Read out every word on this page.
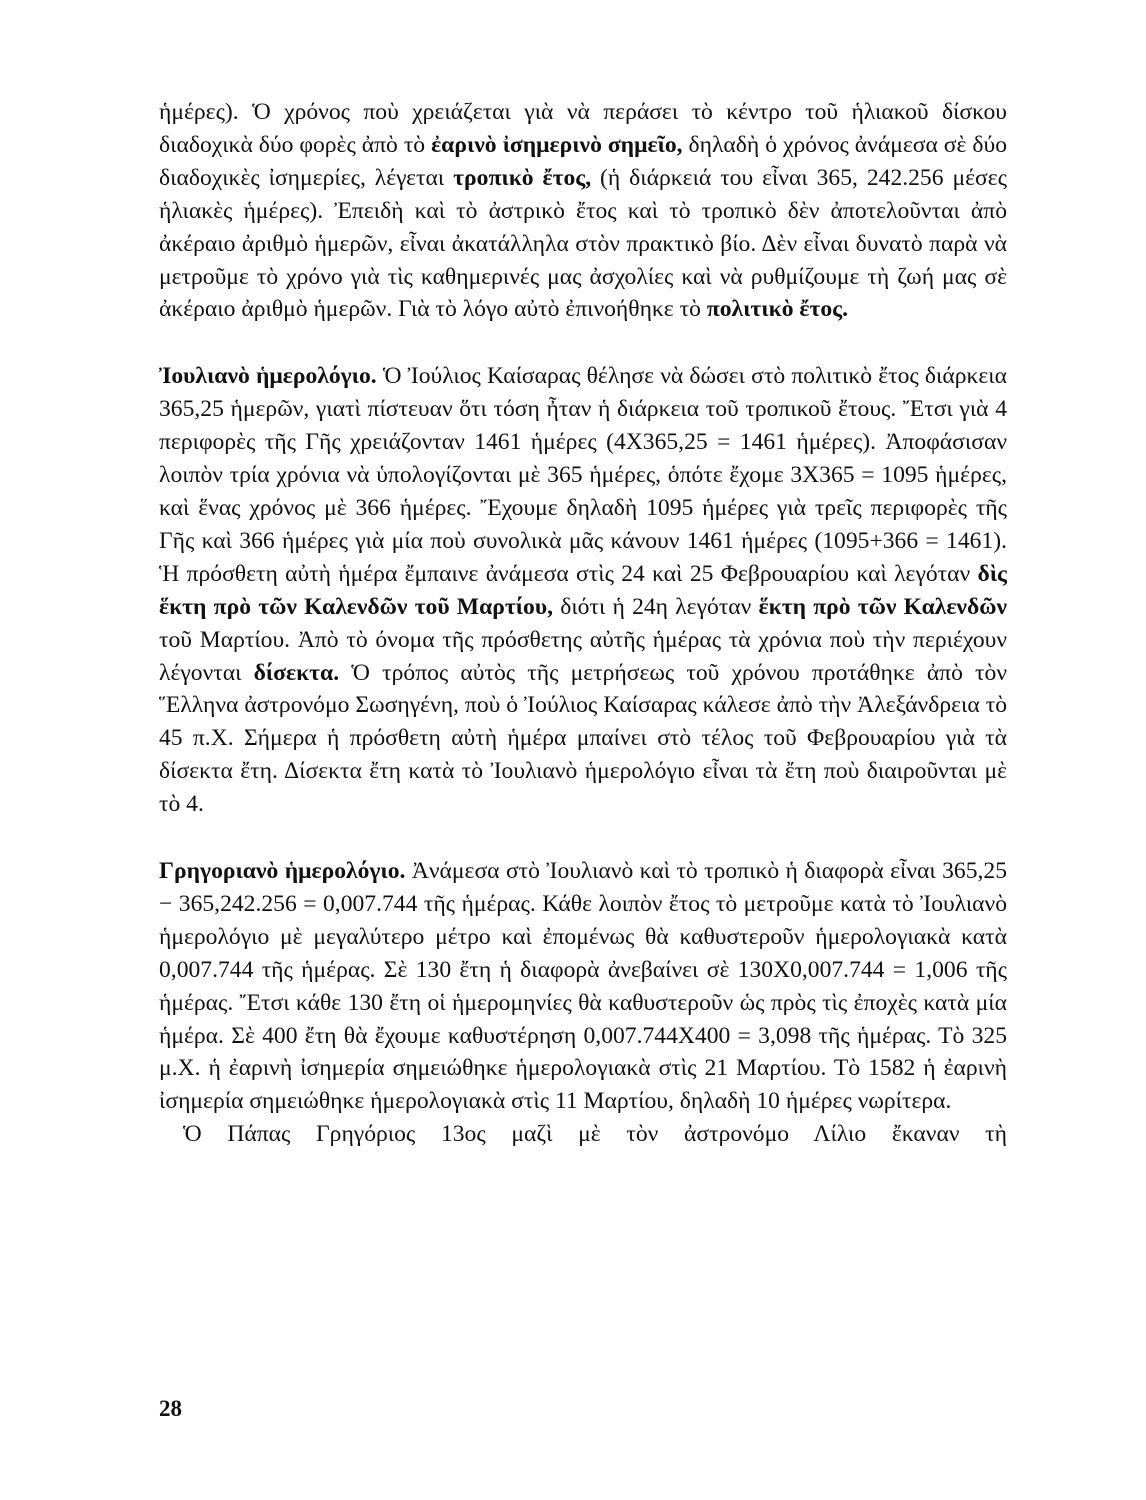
ἡμέρες). Ὁ χρόνος ποὺ χρειάζεται γιὰ νὰ περάσει τὸ κέντρο τοῦ ἡλιακοῦ δίσκου διαδοχικὰ δύο φορὲς ἀπὸ τὸ ἐαρινὸ ἰσημερινὸ σημεῖο, δηλαδὴ ὁ χρόνος ἀνάμεσα σὲ δύο διαδοχικὲς ἰσημερίες, λέγεται τροπικὸ ἔτος, (ἡ διάρκειά του εἶναι 365, 242.256 μέσες ἡλιακὲς ἡμέρες). Ἐπειδὴ καὶ τὸ ἀστρικὸ ἔτος καὶ τὸ τροπικὸ δὲν ἀποτελοῦνται ἀπὸ ἀκέραιο ἀριθμὸ ἡμερῶν, εἶναι ἀκατάλληλα στὸν πρακτικὸ βίο. Δὲν εἶναι δυνατὸ παρὰ νὰ μετροῦμε τὸ χρόνο γιὰ τὶς καθημερινές μας ἀσχολίες καὶ νὰ ρυθμίζουμε τὴ ζωή μας σὲ ἀκέραιο ἀριθμὸ ἡμερῶν. Γιὰ τὸ λόγο αὐτὸ ἐπινοήθηκε τὸ πολιτικὸ ἔτος.

Ἰουλιανὸ ἡμερολόγιο. Ὁ Ἰούλιος Καίσαρας θέλησε νὰ δώσει στὸ πολιτικὸ ἔτος διάρκεια 365,25 ἡμερῶν, γιατὶ πίστευαν ὅτι τόση ἦταν ἡ διάρκεια τοῦ τροπικοῦ ἔτους. Ἔτσι γιὰ 4 περιφορὲς τῆς Γῆς χρειάζονταν 1461 ἡμέρες (4Χ365,25 = 1461 ἡμέρες). Ἀποφάσισαν λοιπὸν τρία χρόνια νὰ ὑπολογίζονται μὲ 365 ἡμέρες, ὁπότε ἔχομε 3Χ365 = 1095 ἡμέρες, καὶ ἕνας χρόνος μὲ 366 ἡμέρες. Ἔχουμε δηλαδὴ 1095 ἡμέρες γιὰ τρεῖς περιφορὲς τῆς Γῆς καὶ 366 ἡμέρες γιὰ μία ποὺ συνολικὰ μᾶς κάνουν 1461 ἡμέρες (1095+366 = 1461). Ἡ πρόσθετη αὐτὴ ἡμέρα ἔμπαινε ἀνάμεσα στὶς 24 καὶ 25 Φεβρουαρίου καὶ λεγόταν δὶς ἕκτη πρὸ τῶν Καλενδῶν τοῦ Μαρτίου, διότι ἡ 24η λεγόταν ἕκτη πρὸ τῶν Καλενδῶν τοῦ Μαρτίου. Ἀπὸ τὸ όνομα τῆς πρόσθετης αὐτῆς ἡμέρας τὰ χρόνια ποὺ τὴν περιέχουν λέγονται δίσεκτα. Ὁ τρόπος αὐτὸς τῆς μετρήσεως τοῦ χρόνου προτάθηκε ἀπὸ τὸν Ἕλληνα ἀστρονόμο Σωσηγένη, ποὺ ὁ Ἰούλιος Καίσαρας κάλεσε ἀπὸ τὴν Ἀλεξάνδρεια τὸ 45 π.Χ. Σήμερα ἡ πρόσθετη αὐτὴ ἡμέρα μπαίνει στὸ τέλος τοῦ Φεβρουαρίου γιὰ τὰ δίσεκτα ἔτη. Δίσεκτα ἔτη κατὰ τὸ Ἰουλιανὸ ἡμερολόγιο εἶναι τὰ ἔτη ποὺ διαιροῦνται μὲ τὸ 4.

Γρηγοριανὸ ἡμερολόγιο. Ἀνάμεσα στὸ Ἰουλιανὸ καὶ τὸ τροπικὸ ἡ διαφορὰ εἶναι 365,25 − 365,242.256 = 0,007.744 τῆς ἡμέρας. Κάθε λοιπὸν ἔτος τὸ μετροῦμε κατὰ τὸ Ἰουλιανὸ ἡμερολόγιο μὲ μεγαλύτερο μέτρο καὶ ἐπομένως θὰ καθυστεροῦν ἡμερολογιακὰ κατὰ 0,007.744 τῆς ἡμέρας. Σὲ 130 ἔτη ἡ διαφορὰ ἀνεβαίνει σὲ 130Χ0,007.744 = 1,006 τῆς ἡμέρας. Ἔτσι κάθε 130 ἔτη οἱ ἡμερομηνίες θὰ καθυστεροῦν ὡς πρὸς τὶς ἐποχὲς κατὰ μία ἡμέρα. Σὲ 400 ἔτη θὰ ἔχουμε καθυστέρηση 0,007.744Χ400 = 3,098 τῆς ἡμέρας. Τὸ 325 μ.Χ. ἡ ἐαρινὴ ἰσημερία σημειώθηκε ἡμερολογιακὰ στὶς 21 Μαρτίου. Τὸ 1582 ἡ ἐαρινὴ ἰσημερία σημειώθηκε ἡμερολογιακὰ στὶς 11 Μαρτίου, δηλαδὴ 10 ἡμέρες νωρίτερα.

Ὁ Πάπας Γρηγόριος 13ος μαζὶ μὲ τὸν ἀστρονόμο Λίλιο ἔκαναν τὴ

28
